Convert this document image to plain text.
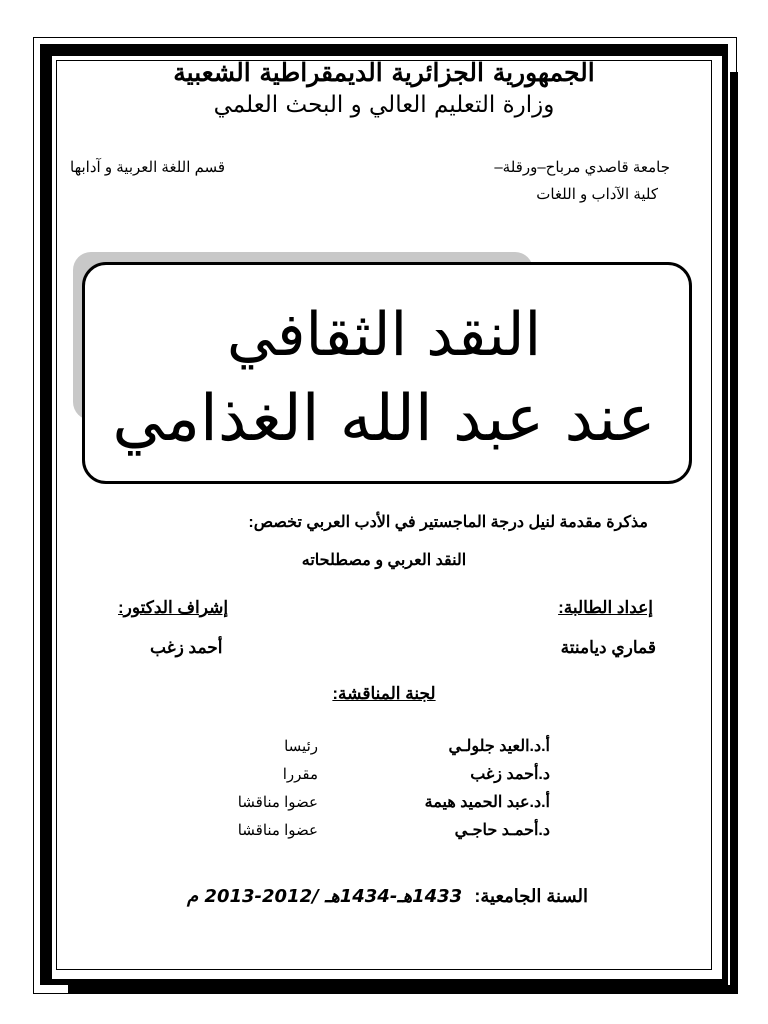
الجمهورية الجزائرية الديمقراطية الشعبية
وزارة التعليم العالي و البحث العلمي
جامعة قاصدي مرباح–ورقلة–
كلية الآداب و اللغات
قسم اللغة العربية و آدابها
النقد الثقافي
عند عبد الله الغذامي
مذكرة مقدمة لنيل درجة الماجستير في الأدب العربي تخصص:
النقد العربي و مصطلحاته
إعداد الطالبة:
إشراف الدكتور:
قماري ديامنتة
أحمد زغب
لجنة المناقشة:
أ.د.العيد جلولـي
رئيسا
د.أحمد زغب
مقررا
أ.د.عبد الحميد هيمة
عضوا مناقشا
د.أحمـد حاجـي
عضوا مناقشا
السنة الجامعية:
1433هـ-1434هـ /2012-2013 م
